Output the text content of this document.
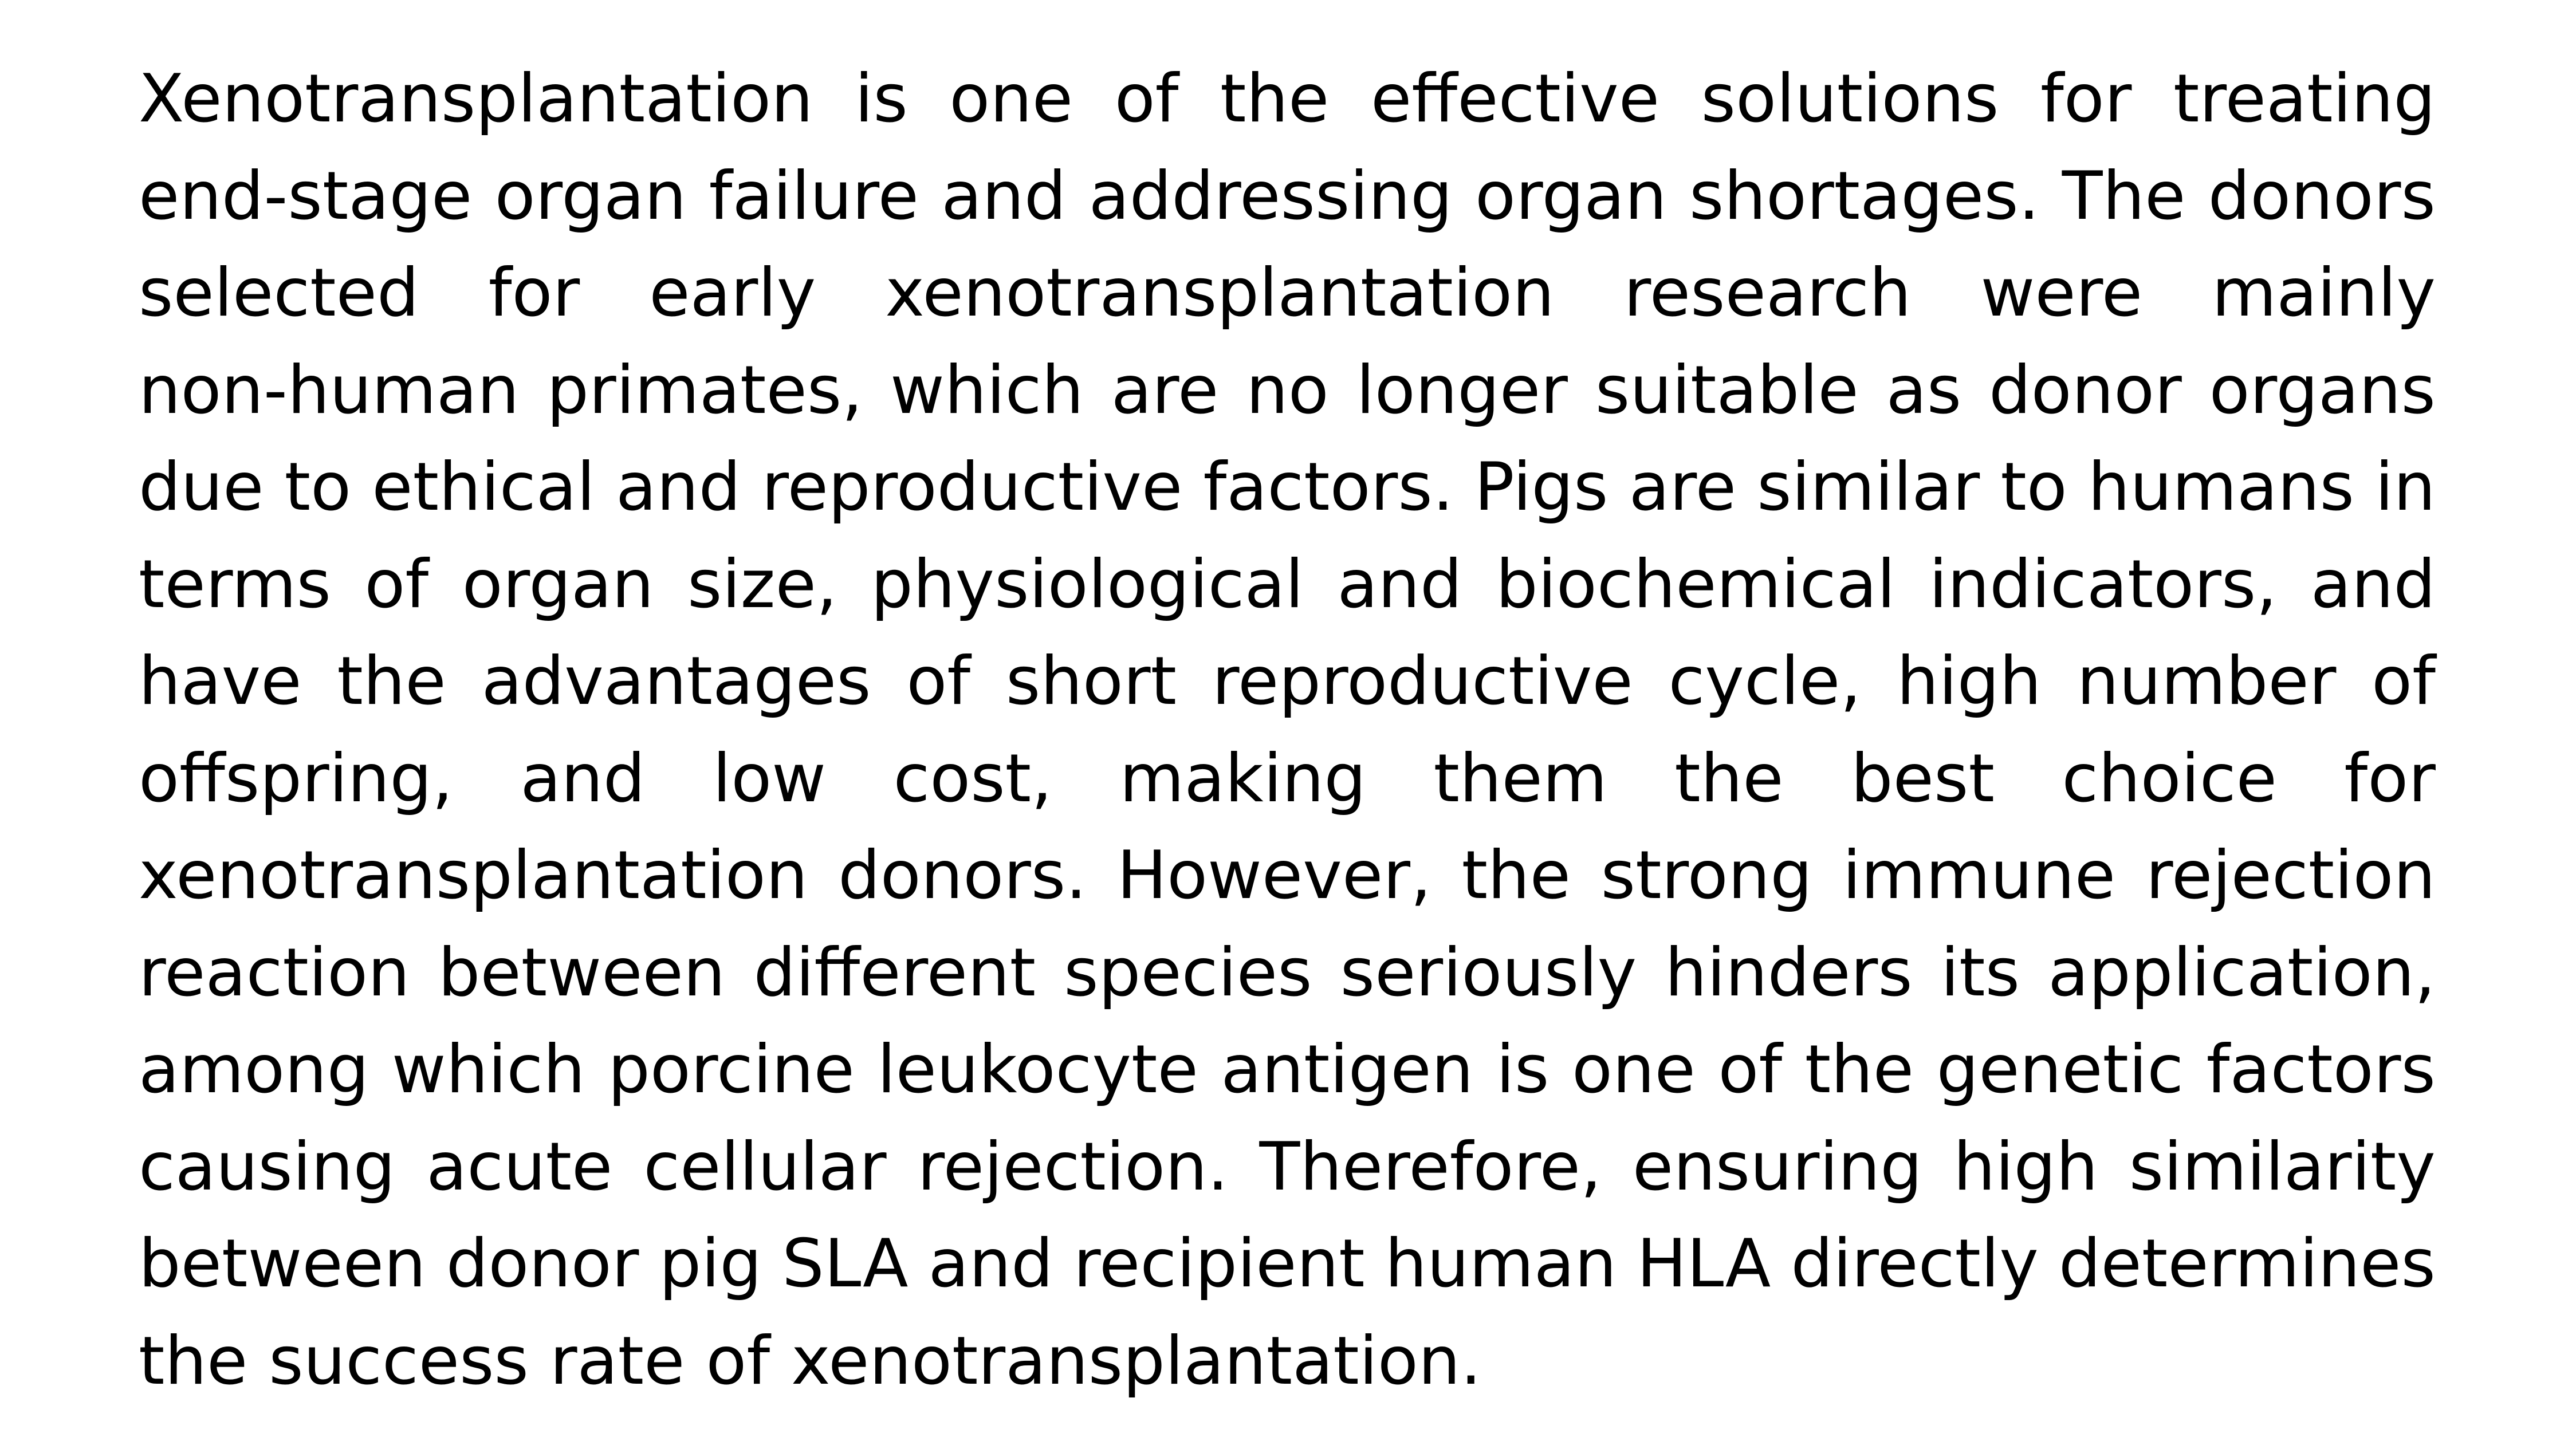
Xenotransplantation is one of the effective solutions for treating
end-stage organ failure and addressing organ shortages. The donors
selected for early xenotransplantation research were mainly
non-human primates, which are no longer suitable as donor organs
due to ethical and reproductive factors. Pigs are similar to humans in
terms of organ size, physiological and biochemical indicators, and
have the advantages of short reproductive cycle, high number of
offspring, and low cost, making them the best choice for
xenotransplantation donors. However, the strong immune rejection
reaction between different species seriously hinders its application,
among which porcine leukocyte antigen is one of the genetic factors
causing acute cellular rejection. Therefore, ensuring high similarity
between donor pig SLA and recipient human HLA directly determines
the success rate of xenotransplantation.
